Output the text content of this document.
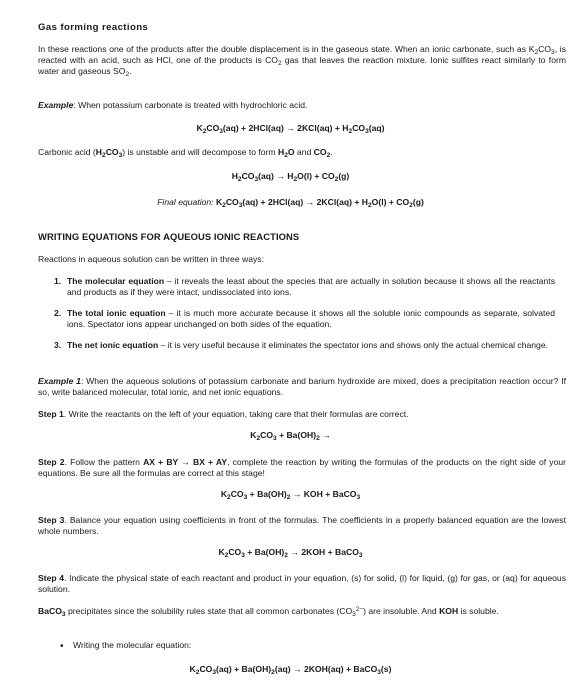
Gas forming reactions

In these reactions one of the products after the double displacement is in the gaseous state. When an ionic carbonate, such as $K_2CO_3$, is reacted with an acid, such as HCl, one of the products is $CO_2$ gas that leaves the reaction mixture. Ionic sulfites react similarly to form water and gaseous $SO_2$.

Example: When potassium carbonate is treated with hydrochloric acid.

$K_2CO_3(aq) + 2HCl(aq) \to 2KCl(aq) + H_2CO_3(aq)$

Carbonic acid $(H_2CO_3)$ is unstable and will decompose to form $H_2O$ and $CO_2$.

$H_2CO_3(aq) \to H_2O(l) + CO_2(g)$
Final equation: $K_2CO_3(aq) + 2HCl(aq) \to 2KCl(aq) + H_2O(l) + CO_2(g)$
WRITING EQUATIONS FOR AQUEOUS IONIC REACTIONS

Reactions in aqueous solution can be written in three ways:

1. The molecular equation – it reveals the least about the species that are actually in solution because it shows all the reactants and products as if they were intact, undissociated into ions.

2. The total ionic equation – it is much more accurate because it shows all the soluble ionic compounds as separate, solvated ions. Spectator ions appear unchanged on both sides of the equation.

3. The net ionic equation – it is very useful because it eliminates the spectator ions and shows only the actual chemical change.

Example 1: When the aqueous solutions of potassium carbonate and barium hydroxide are mixed, does a precipitation reaction occur? If so, write balanced molecular, total ionic, and net ionic equations.

Step 1. Write the reactants on the left of your equation, taking care that their formulas are correct.

$K_2CO_3 + Ba(OH)_2$ →

Step 2. Follow the pattern AX + BY → BX + AY, complete the reaction by writing the formulas of the products on the right side of your equations. Be sure all the formulas are correct at this stage!

$K_2CO_3 + Ba(OH)_2$ → KOH + BaCO$_3$

Step 3. Balance your equation using coefficients in front of the formulas. The coefficients in a properly balanced equation are the lowest whole numbers.

$K_2CO_3 + Ba(OH)_2 \to 2KOH$ + BaCO$_3$

Step 4. Indicate the physical state of each reactant and product in your equation, (s) for solid, (l) for liquid, (g) for gas, or (aq) for aqueous solution.

BaCO$_3$ precipitates since the solubility rules state that all common carbonates $(CO_3^{2-})$ are insoluble. And KOH is soluble.

• Writing the molecular equation:
$K_2CO_3(aq) + Ba(OH)_2(aq) \to 2KOH(aq)$ + BaCO$_3$(s)
